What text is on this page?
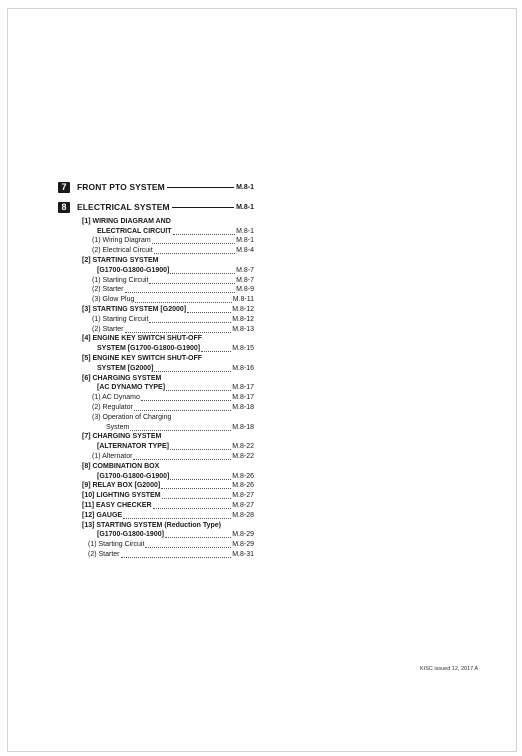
7	FRONT PTO SYSTEM	M.8-1
8	ELECTRICAL SYSTEM	M.8-1
[1] WIRING DIAGRAM AND
ELECTRICAL CIRCUIT	M.8-1
(1) Wiring Diagram	M.8-1
(2) Electrical Circuit	M.8-4
[2] STARTING SYSTEM
[G1700-G1800-G1900]	M.8-7
(1) Starting Circuit	M.8-7
(2) Starter	M.8-9
(3) Glow Plug	M.8-11
[3] STARTING SYSTEM [G2000]	M.8-12
(1) Starting Circuit	M.8-12
(2) Starter	M.8-13
[4] ENGINE KEY SWITCH SHUT-OFF
SYSTEM [G1700-G1800-G1900]	M.8-15
[5] ENGINE KEY SWITCH SHUT-OFF
SYSTEM [G2000]	M.8-16
[6] CHARGING SYSTEM
[AC DYNAMO TYPE]	M.8-17
(1) AC Dynamo	M.8-17
(2) Regulator	M.8-18
(3) Operation of Charging
System	M.8-18
[7] CHARGING SYSTEM
[ALTERNATOR TYPE]	M.8-22
(1) Alternator	M.8-22
[8] COMBINATION BOX
[G1700-G1800-G1900]	M.8-26
[9] RELAY BOX [G2000]	M.8-26
[10] LIGHTING SYSTEM	M.8-27
[11] EASY CHECKER	M.8-27
[12] GAUGE	M.8-28
[13] STARTING SYSTEM (Reduction Type)
[G1700-G1800-1900]	M.8-29
(1) Starting Circuit	M.8-29
(2) Starter	M.8-31
KISC issued 12, 2017 A
